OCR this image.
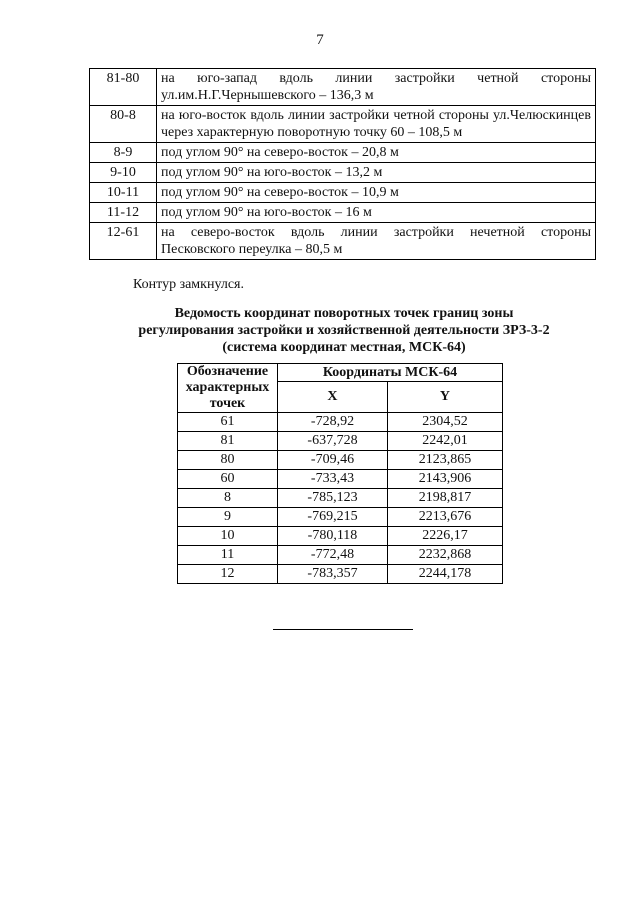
7
81-80	на юго-запад вдоль линии застройки четной стороны ул.им.Н.Г.Чернышевского – 136,3 м
80-8	на юго-восток вдоль линии застройки четной стороны ул.Челюскинцев через характерную поворотную точку 60 – 108,5 м
8-9	под углом 90° на северо-восток – 20,8 м
9-10	под углом 90° на юго-восток – 13,2 м
10-11	под углом 90° на северо-восток – 10,9 м
11-12	под углом 90° на юго-восток – 16 м
12-61	на северо-восток вдоль линии застройки нечетной стороны Песковского переулка – 80,5 м
Контур замкнулся.
Ведомость координат поворотных точек границ зоны
регулирования застройки и хозяйственной деятельности ЗРЗ-3-2
(система координат местная, МСК-64)
Обозначение характерных точек	Координаты МСК-64	
	X	Y
61	-728,92	2304,52
81	-637,728	2242,01
80	-709,46	2123,865
60	-733,43	2143,906
8	-785,123	2198,817
9	-769,215	2213,676
10	-780,118	2226,17
11	-772,48	2232,868
12	-783,357	2244,178
